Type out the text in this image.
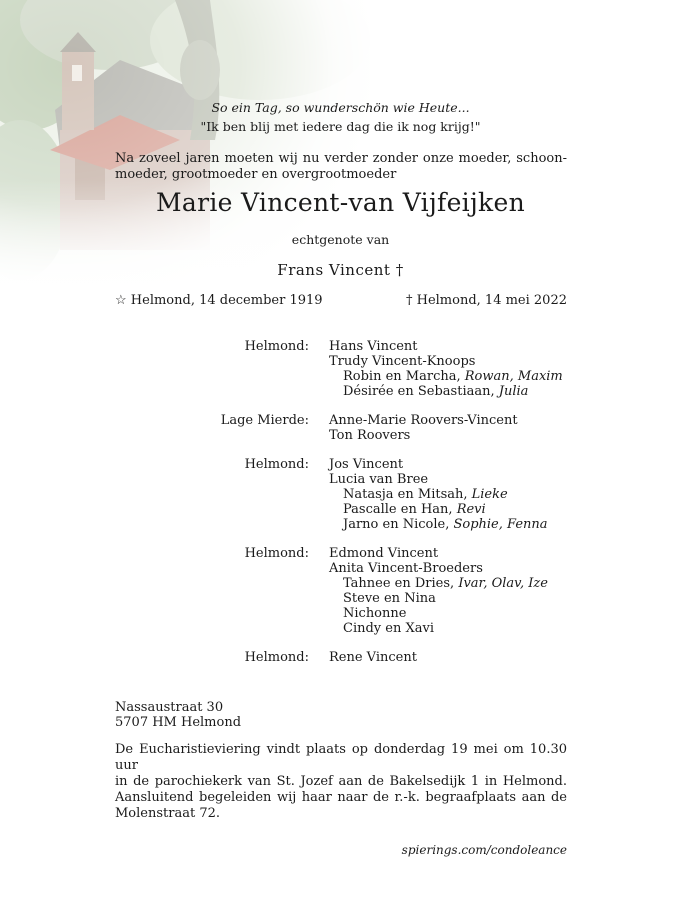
So ein Tag, so wunderschön wie Heute...
"Ik ben blij met iedere dag die ik nog krijg!"
Na zoveel jaren moeten wij nu verder zonder onze moeder, schoon-
moeder, grootmoeder en overgrootmoeder
Marie Vincent-van Vijfeijken
echtgenote van
Frans Vincent †
☆ Helmond, 14 december 1919	† Helmond, 14 mei 2022
Helmond: Hans Vincent
Trudy Vincent-Knoops
Robin en Marcha, Rowan, Maxim
Désirée en Sebastiaan, Julia
Lage Mierde: Anne-Marie Roovers-Vincent
Ton Roovers
Helmond: Jos Vincent
Lucia van Bree
Natasja en Mitsah, Lieke
Pascalle en Han, Revi
Jarno en Nicole, Sophie, Fenna
Helmond: Edmond Vincent
Anita Vincent-Broeders
Tahnee en Dries, Ivar, Olav, Ize
Steve en Nina
Nichonne
Cindy en Xavi
Helmond: Rene Vincent
Nassaustraat 30
5707 HM Helmond
De Eucharistieviering vindt plaats op donderdag 19 mei om 10.30 uur
in de parochiekerk van St. Jozef aan de Bakelsedijk 1 in Helmond.
Aansluitend begeleiden wij haar naar de r.-k. begraafplaats aan de
Molenstraat 72.
spierings.com/condoleance
